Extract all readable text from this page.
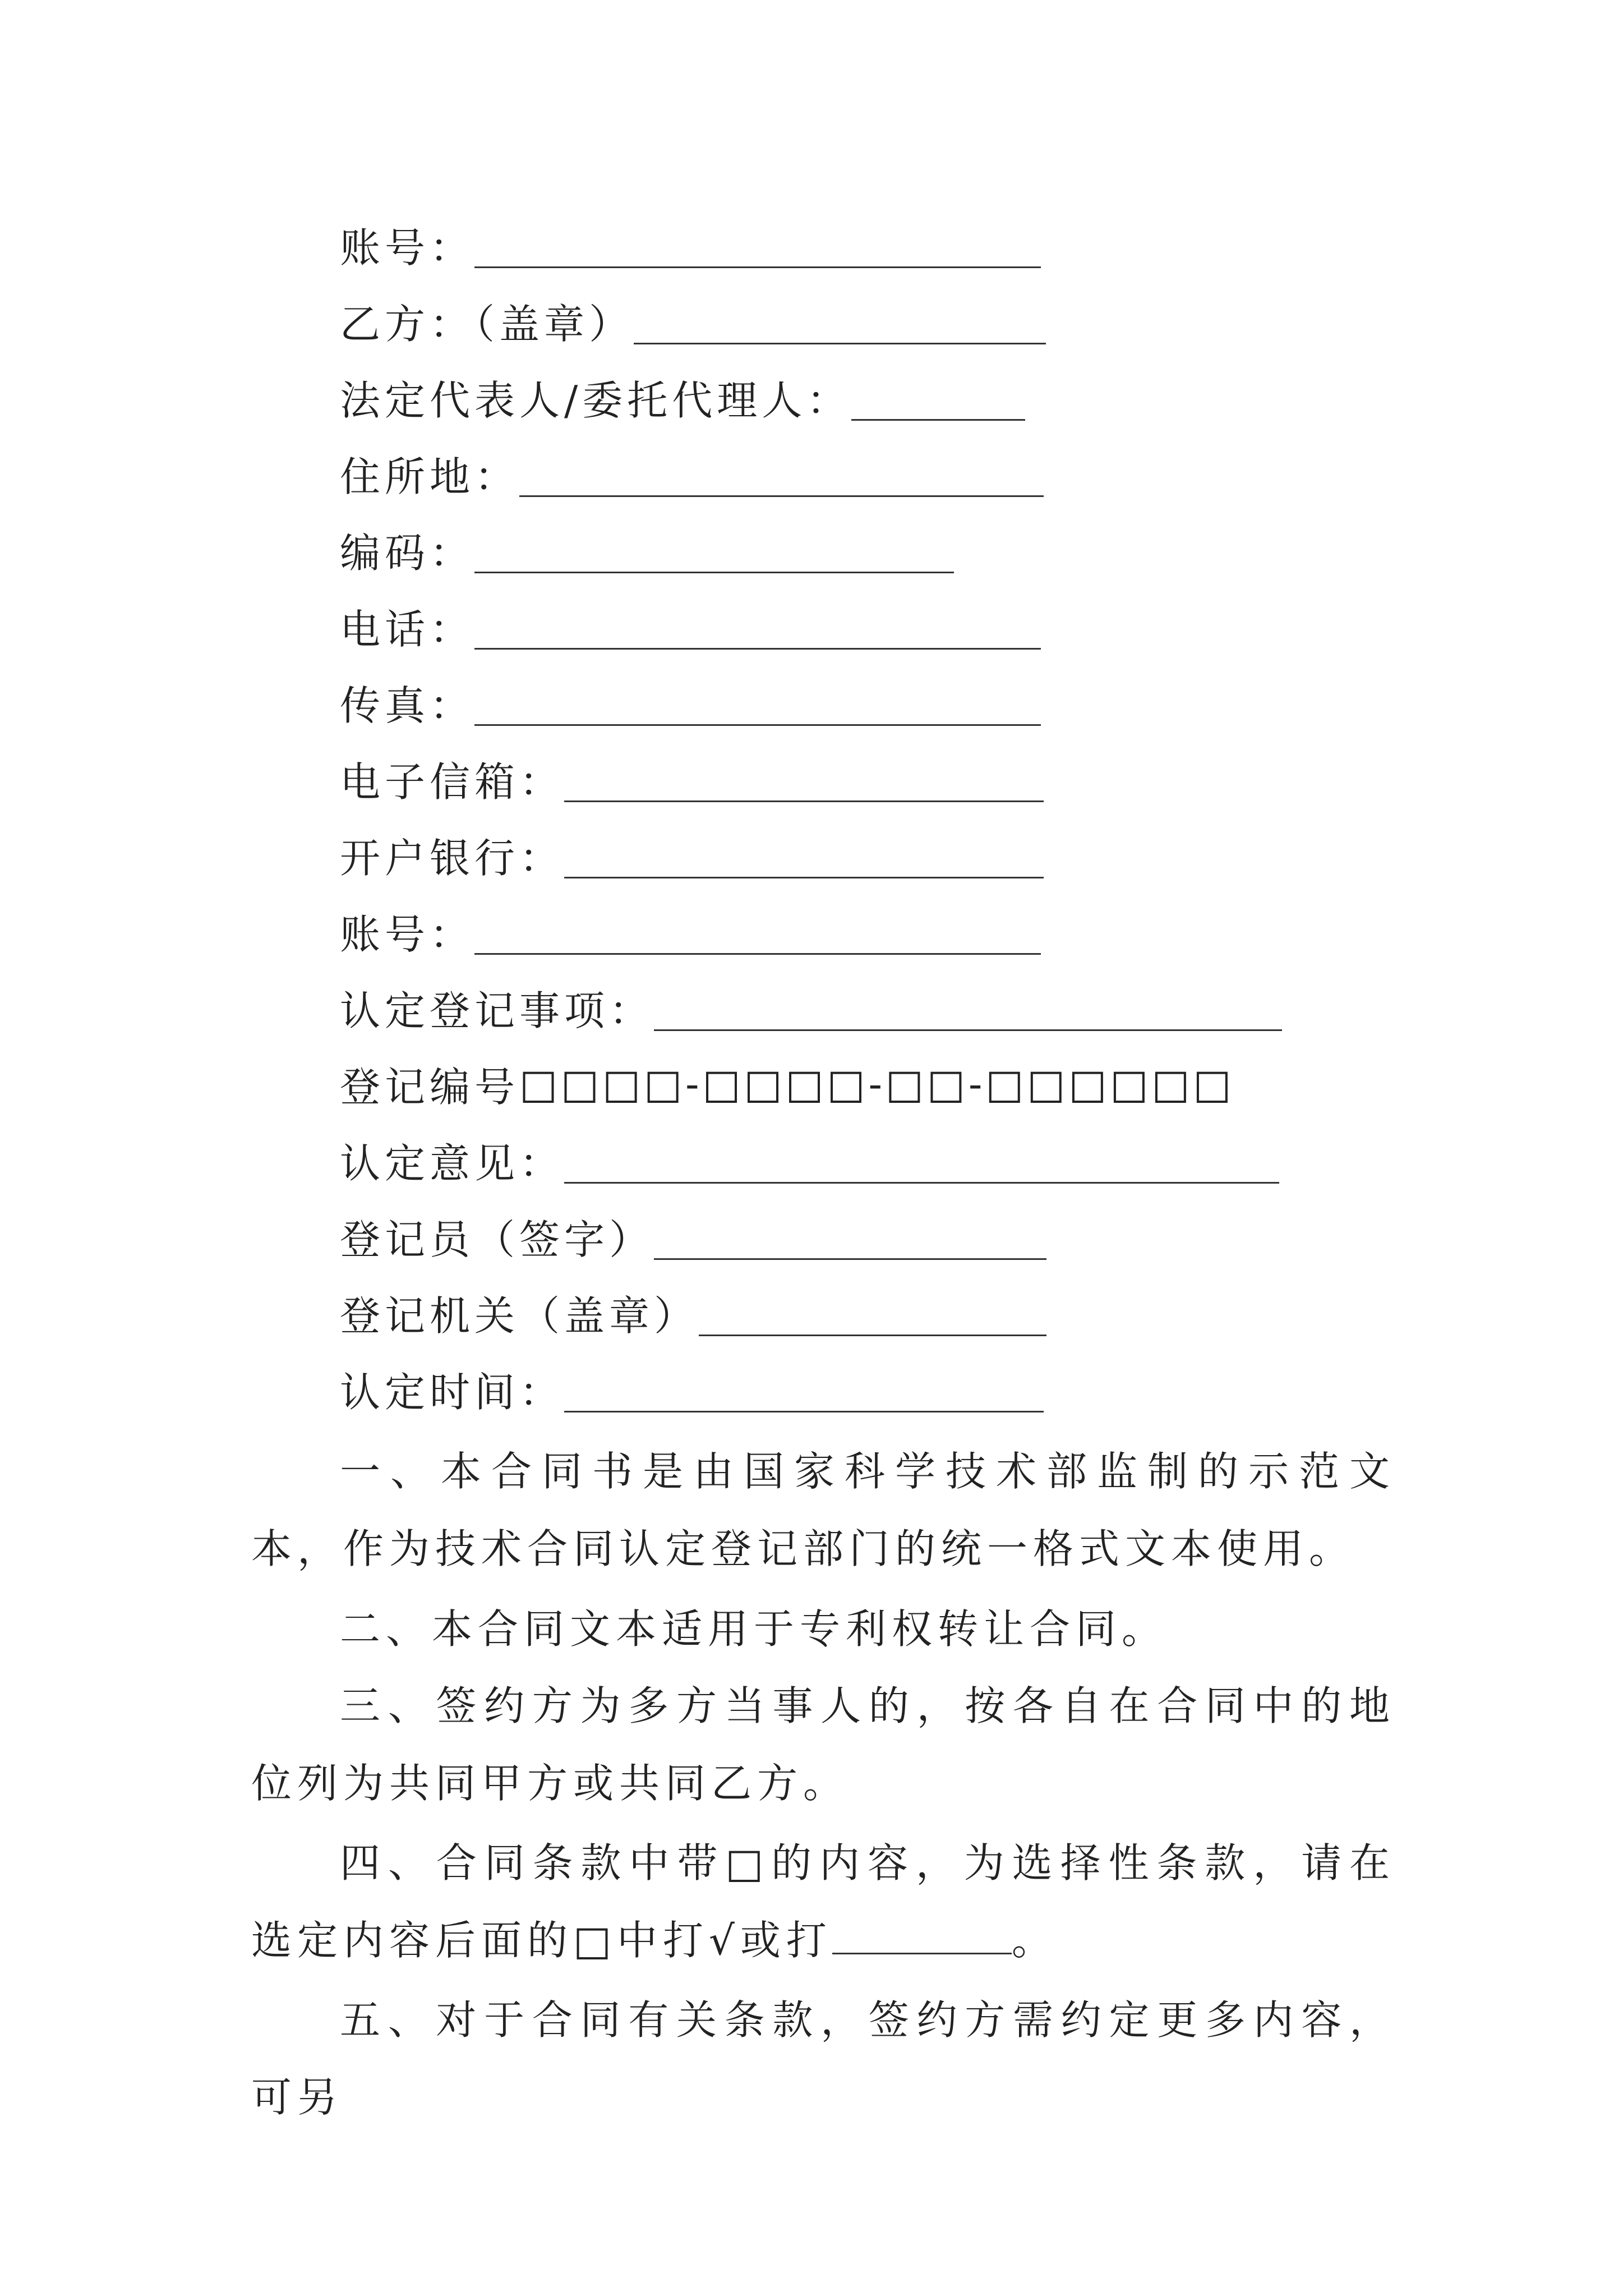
账号：
乙方：（盖章）
法定代表人/委托代理人：
住所地：
编码：
电话：
传真：
电子信箱：
开户银行：
账号：
认定登记事项：
登记编号 □□□□-□□□□-□□-□□□□□□
认定意见：
登记员（签字）
登记机关（盖章）
认定时间：

一、本合同书是由国家科学技术部监制的示范文本，作为技术合同认定登记部门的统一格式文本使用。

二、本合同文本适用于专利权转让合同。

三、签约方为多方当事人的，按各自在合同中的地位列为共同甲方或共同乙方。

四、合同条款中带□的内容，为选择性条款，请在选定内容后面的□中打√或打	。

五、对于合同有关条款，签约方需约定更多内容，可另
